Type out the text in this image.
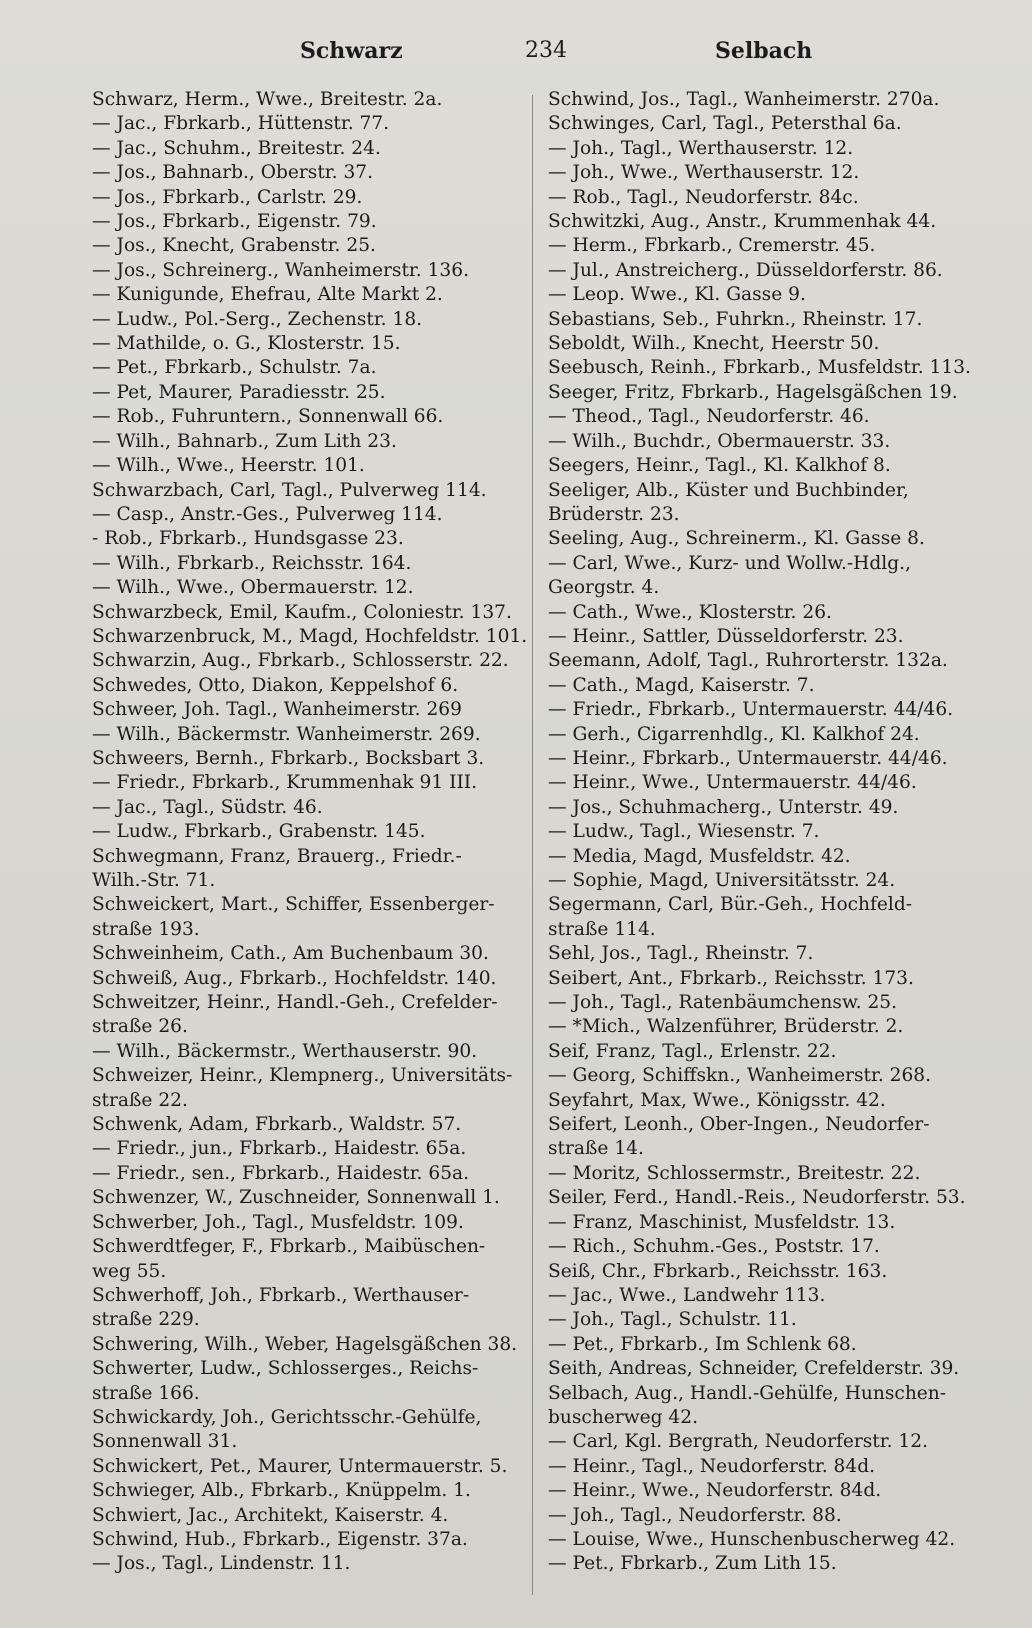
Schwarz	234	Selbach
Schwarz, Herm., Wwe., Breitestr. 2a.
— Jac., Fbrkarb., Hüttenstr. 77.
— Jac., Schuhm., Breitestr. 24.
— Jos., Bahnarb., Oberstr. 37.
— Jos., Fbrkarb., Carlstr. 29.
— Jos., Fbrkarb., Eigenstr. 79.
— Jos., Knecht, Grabenstr. 25.
— Jos., Schreinerg., Wanheimerstr. 136.
— Kunigunde, Ehefrau, Alte Markt 2.
— Ludw., Pol.-Serg., Zechenstr. 18.
— Mathilde, o. G., Klosterstr. 15.
— Pet., Fbrkarb., Schulstr. 7a.
— Pet, Maurer, Paradiesstr. 25.
— Rob., Fuhruntern., Sonnenwall 66.
— Wilh., Bahnarb., Zum Lith 23.
— Wilh., Wwe., Heerstr. 101.
Schwarzbach, Carl, Tagl., Pulverweg 114.
— Casp., Anstr.-Ges., Pulverweg 114.
- Rob., Fbrkarb., Hundsgasse 23.
— Wilh., Fbrkarb., Reichsstr. 164.
— Wilh., Wwe., Obermauerstr. 12.
Schwarzbeck, Emil, Kaufm., Coloniestr. 137.
Schwarzenbruck, M., Magd, Hochfeldstr. 101.
Schwarzin, Aug., Fbrkarb., Schlosserstr. 22.
Schwedes, Otto, Diakon, Keppelshof 6.
Schweer, Joh. Tagl., Wanheimerstr. 269
— Wilh., Bäckermstr. Wanheimerstr. 269.
Schweers, Bernh., Fbrkarb., Bocksbart 3.
— Friedr., Fbrkarb., Krummenhak 91 III.
— Jac., Tagl., Südstr. 46.
— Ludw., Fbrkarb., Grabenstr. 145.
Schwegmann, Franz, Brauerg., Friedr.-
Wilh.-Str. 71.
Schweickert, Mart., Schiffer, Essenberger-
straße 193.
Schweinheim, Cath., Am Buchenbaum 30.
Schweiß, Aug., Fbrkarb., Hochfeldstr. 140.
Schweitzer, Heinr., Handl.-Geh., Crefelder-
straße 26.
— Wilh., Bäckermstr., Werthauserstr. 90.
Schweizer, Heinr., Klempnerg., Universitäts-
straße 22.
Schwenk, Adam, Fbrkarb., Waldstr. 57.
— Friedr., jun., Fbrkarb., Haidestr. 65a.
— Friedr., sen., Fbrkarb., Haidestr. 65a.
Schwenzer, W., Zuschneider, Sonnenwall 1.
Schwerber, Joh., Tagl., Musfeldstr. 109.
Schwerdtfeger, F., Fbrkarb., Maibüschen-
weg 55.
Schwerhoff, Joh., Fbrkarb., Werthauser-
straße 229.
Schwering, Wilh., Weber, Hagelsgäßchen 38.
Schwerter, Ludw., Schlosserges., Reichs-
straße 166.
Schwickardy, Joh., Gerichtsschr.-Gehülfe,
Sonnenwall 31.
Schwickert, Pet., Maurer, Untermauerstr. 5.
Schwieger, Alb., Fbrkarb., Knüppelm. 1.
Schwiert, Jac., Architekt, Kaiserstr. 4.
Schwind, Hub., Fbrkarb., Eigenstr. 37a.
— Jos., Tagl., Lindenstr. 11.
Schwind, Jos., Tagl., Wanheimerstr. 270a.
Schwinges, Carl, Tagl., Petersthal 6a.
— Joh., Tagl., Werthauserstr. 12.
— Joh., Wwe., Werthauserstr. 12.
— Rob., Tagl., Neudorferstr. 84c.
Schwitzki, Aug., Anstr., Krummenhak 44.
— Herm., Fbrkarb., Cremerstr. 45.
— Jul., Anstreicherg., Düsseldorferstr. 86.
— Leop. Wwe., Kl. Gasse 9.
Sebastians, Seb., Fuhrkn., Rheinstr. 17.
Seboldt, Wilh., Knecht, Heerstr 50.
Seebusch, Reinh., Fbrkarb., Musfeldstr. 113.
Seeger, Fritz, Fbrkarb., Hagelsgäßchen 19.
— Theod., Tagl., Neudorferstr. 46.
— Wilh., Buchdr., Obermauerstr. 33.
Seegers, Heinr., Tagl., Kl. Kalkhof 8.
Seeliger, Alb., Küster und Buchbinder,
Brüderstr. 23.
Seeling, Aug., Schreinerm., Kl. Gasse 8.
— Carl, Wwe., Kurz- und Wollw.-Hdlg.,
Georgstr. 4.
— Cath., Wwe., Klosterstr. 26.
— Heinr., Sattler, Düsseldorferstr. 23.
Seemann, Adolf, Tagl., Ruhrorterstr. 132a.
— Cath., Magd, Kaiserstr. 7.
— Friedr., Fbrkarb., Untermauerstr. 44/46.
— Gerh., Cigarrenhdlg., Kl. Kalkhof 24.
— Heinr., Fbrkarb., Untermauerstr. 44/46.
— Heinr., Wwe., Untermauerstr. 44/46.
— Jos., Schuhmacherg., Unterstr. 49.
— Ludw., Tagl., Wiesenstr. 7.
— Media, Magd, Musfeldstr. 42.
— Sophie, Magd, Universitätsstr. 24.
Segermann, Carl, Bür.-Geh., Hochfeld-
straße 114.
Sehl, Jos., Tagl., Rheinstr. 7.
Seibert, Ant., Fbrkarb., Reichsstr. 173.
— Joh., Tagl., Ratenbäumchensw. 25.
— *Mich., Walzenführer, Brüderstr. 2.
Seif, Franz, Tagl., Erlenstr. 22.
— Georg, Schiffskn., Wanheimerstr. 268.
Seyfahrt, Max, Wwe., Königsstr. 42.
Seifert, Leonh., Ober-Ingen., Neudorfer-
straße 14.
— Moritz, Schlossermstr., Breitestr. 22.
Seiler, Ferd., Handl.-Reis., Neudorferstr. 53.
— Franz, Maschinist, Musfeldstr. 13.
— Rich., Schuhm.-Ges., Poststr. 17.
Seiß, Chr., Fbrkarb., Reichsstr. 163.
— Jac., Wwe., Landwehr 113.
— Joh., Tagl., Schulstr. 11.
— Pet., Fbrkarb., Im Schlenk 68.
Seith, Andreas, Schneider, Crefelderstr. 39.
Selbach, Aug., Handl.-Gehülfe, Hunschen-
buscherweg 42.
— Carl, Kgl. Bergrath, Neudorferstr. 12.
— Heinr., Tagl., Neudorferstr. 84d.
— Heinr., Wwe., Neudorferstr. 84d.
— Joh., Tagl., Neudorferstr. 88.
— Louise, Wwe., Hunschenbuscherweg 42.
— Pet., Fbrkarb., Zum Lith 15.
